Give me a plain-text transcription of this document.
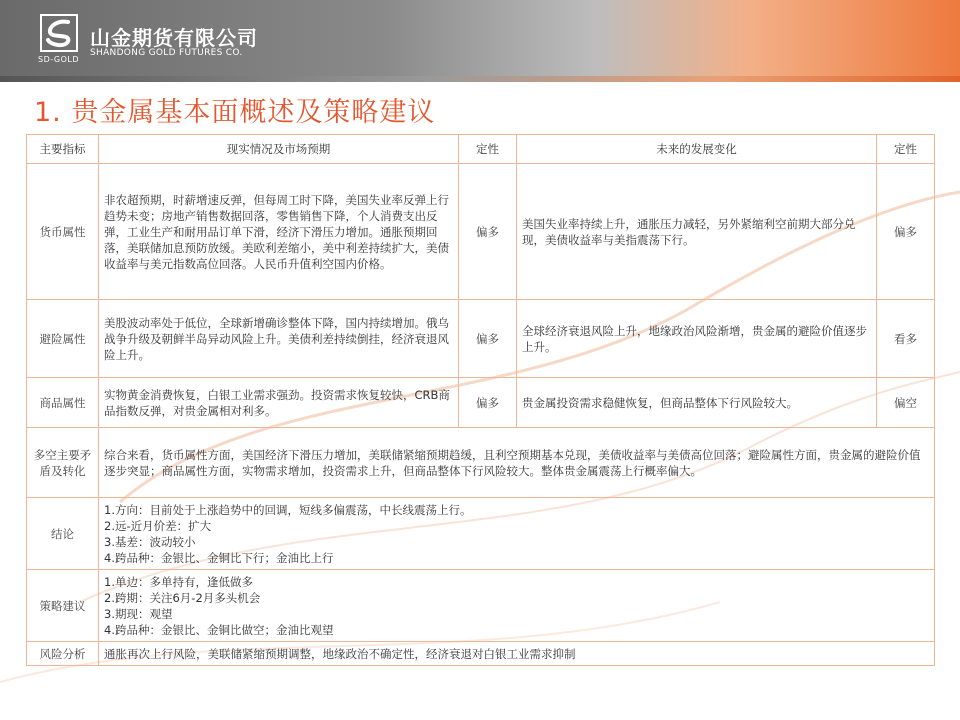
SD-GOLD
山金期货有限公司
SHANDONG GOLD FUTURES CO.
1. 贵金属基本面概述及策略建议
主要指标	现实情况及市场预期	定性	未来的发展变化	定性
货币属性	非农超预期，时薪增速反弹，但每周工时下降，美国失业率反弹上行趋势未变；房地产销售数据回落，零售销售下降，个人消费支出反弹，工业生产和耐用品订单下滑，经济下滑压力增加。通胀预期回落，美联储加息预防放缓。美欧利差缩小，美中利差持续扩大，美债收益率与美元指数高位回落。人民币升值利空国内价格。	偏多	美国失业率持续上升，通胀压力减轻，另外紧缩利空前期大部分兑现，美债收益率与美指震荡下行。	偏多
避险属性	美股波动率处于低位，全球新增确诊整体下降，国内持续增加。俄乌战争升级及朝鲜半岛异动风险上升。美债利差持续倒挂，经济衰退风险上升。	偏多	全球经济衰退风险上升，地缘政治风险渐增，贵金属的避险价值逐步上升。	看多
商品属性	实物黄金消费恢复，白银工业需求强劲。投资需求恢复较快，CRB商品指数反弹，对贵金属相对利多。	偏多	贵金属投资需求稳健恢复，但商品整体下行风险较大。	偏空
多空主要矛盾及转化	综合来看，货币属性方面，美国经济下滑压力增加，美联储紧缩预期趋缓，且利空预期基本兑现，美债收益率与美债高位回落；避险属性方面，贵金属的避险价值逐步突显；商品属性方面，实物需求增加，投资需求上升，但商品整体下行风险较大。整体贵金属震荡上行概率偏大。			
结论	1.方向：目前处于上涨趋势中的回调，短线多偏震荡，中长线震荡上行。
2.远-近月价差：扩大
3.基差：波动较小
4.跨品种：金银比、金铜比下行；金油比上行			

策略建议	1.单边：多单持有，逢低做多
2.跨期：关注6月-2月多头机会
3.期现：观望
4.跨品种：金银比、金铜比做空；金油比观望			

风险分析	通胀再次上行风险，美联储紧缩预期调整，地缘政治不确定性，经济衰退对白银工业需求抑制			
